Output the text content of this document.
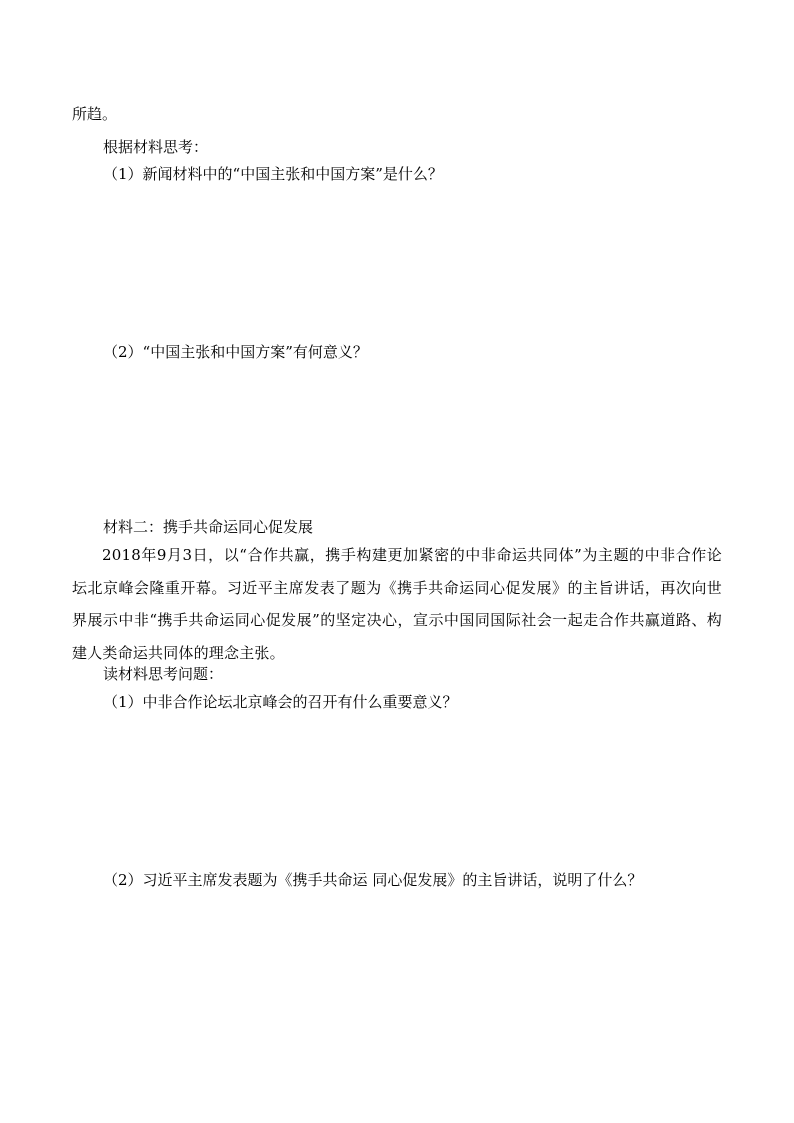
所趋。
根据材料思考：
（1）新闻材料中的“中国主张和中国方案”是什么？
（2）“中国主张和中国方案”有何意义？
材料二：携手共命运同心促发展
2018年9月3日，以“合作共赢，携手构建更加紧密的中非命运共同体”为主题的中非合作论坛北京峰会隆重开幕。习近平主席发表了题为《携手共命运同心促发展》的主旨讲话，再次向世界展示中非“携手共命运同心促发展”的坚定决心，宣示中国同国际社会一起走合作共赢道路、构建人类命运共同体的理念主张。
读材料思考问题：
（1）中非合作论坛北京峰会的召开有什么重要意义？
（2）习近平主席发表题为《携手共命运 同心促发展》的主旨讲话，说明了什么？
